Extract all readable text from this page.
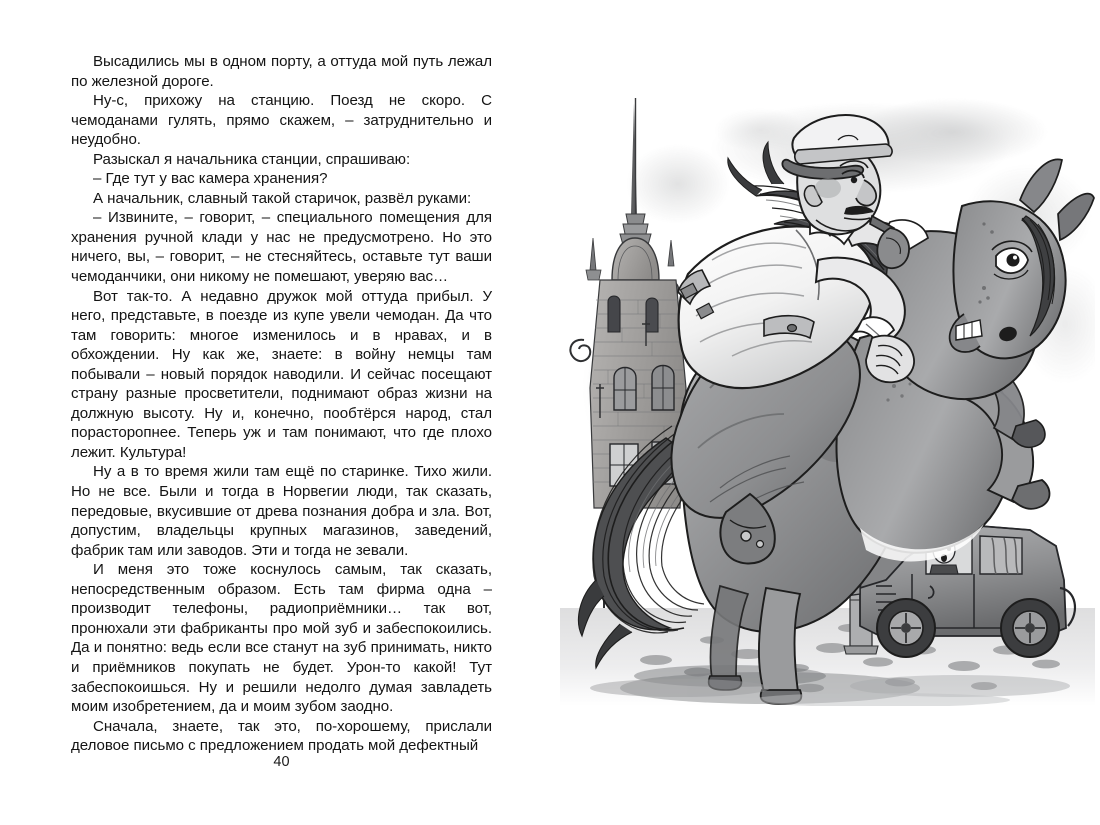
Высадились мы в одном порту, а оттуда мой путь лежал по железной дороге.

Ну-с, прихожу на станцию. Поезд не скоро. С чемоданами гулять, прямо скажем, – затруднительно и неудобно.

Разыскал я начальника станции, спрашиваю:

– Где тут у вас камера хранения?

А начальник, славный такой старичок, развёл руками:

– Извините, – говорит, – специального помещения для хранения ручной клади у нас не предусмотрено. Но это ничего, вы, – говорит, – не стесняйтесь, оставьте тут ваши чемоданчики, они никому не помешают, уверяю вас…

Вот так-то. А недавно дружок мой оттуда прибыл. У него, представьте, в поезде из купе увели чемодан. Да что там говорить: многое изменилось и в нравах, и в обхождении. Ну как же, знаете: в войну немцы там побывали – новый порядок наводили. И сейчас посещают страну разные просветители, поднимают образ жизни на должную высоту. Ну и, конечно, пообтёрся народ, стал порасторопнее. Теперь уж и там понимают, что где плохо лежит. Культура!

Ну а в то время жили там ещё по старинке. Тихо жили. Но не все. Были и тогда в Норвегии люди, так сказать, передовые, вкусившие от древа познания добра и зла. Вот, допустим, владельцы крупных магазинов, заведений, фабрик там или заводов. Эти и тогда не зевали.

И меня это тоже коснулось самым, так сказать, непосредственным образом. Есть там фирма одна – производит телефоны, радиоприёмники… так вот, пронюхали эти фабриканты про мой зуб и забеспокоились. Да и понятно: ведь если все станут на зуб принимать, никто и приёмников покупать не будет. Урон-то какой! Тут забеспокоишься. Ну и решили недолго думая завладеть моим изобретением, да и моим зубом заодно.

Сначала, знаете, так это, по-хорошему, прислали деловое письмо с предложением продать мой дефектный

40
